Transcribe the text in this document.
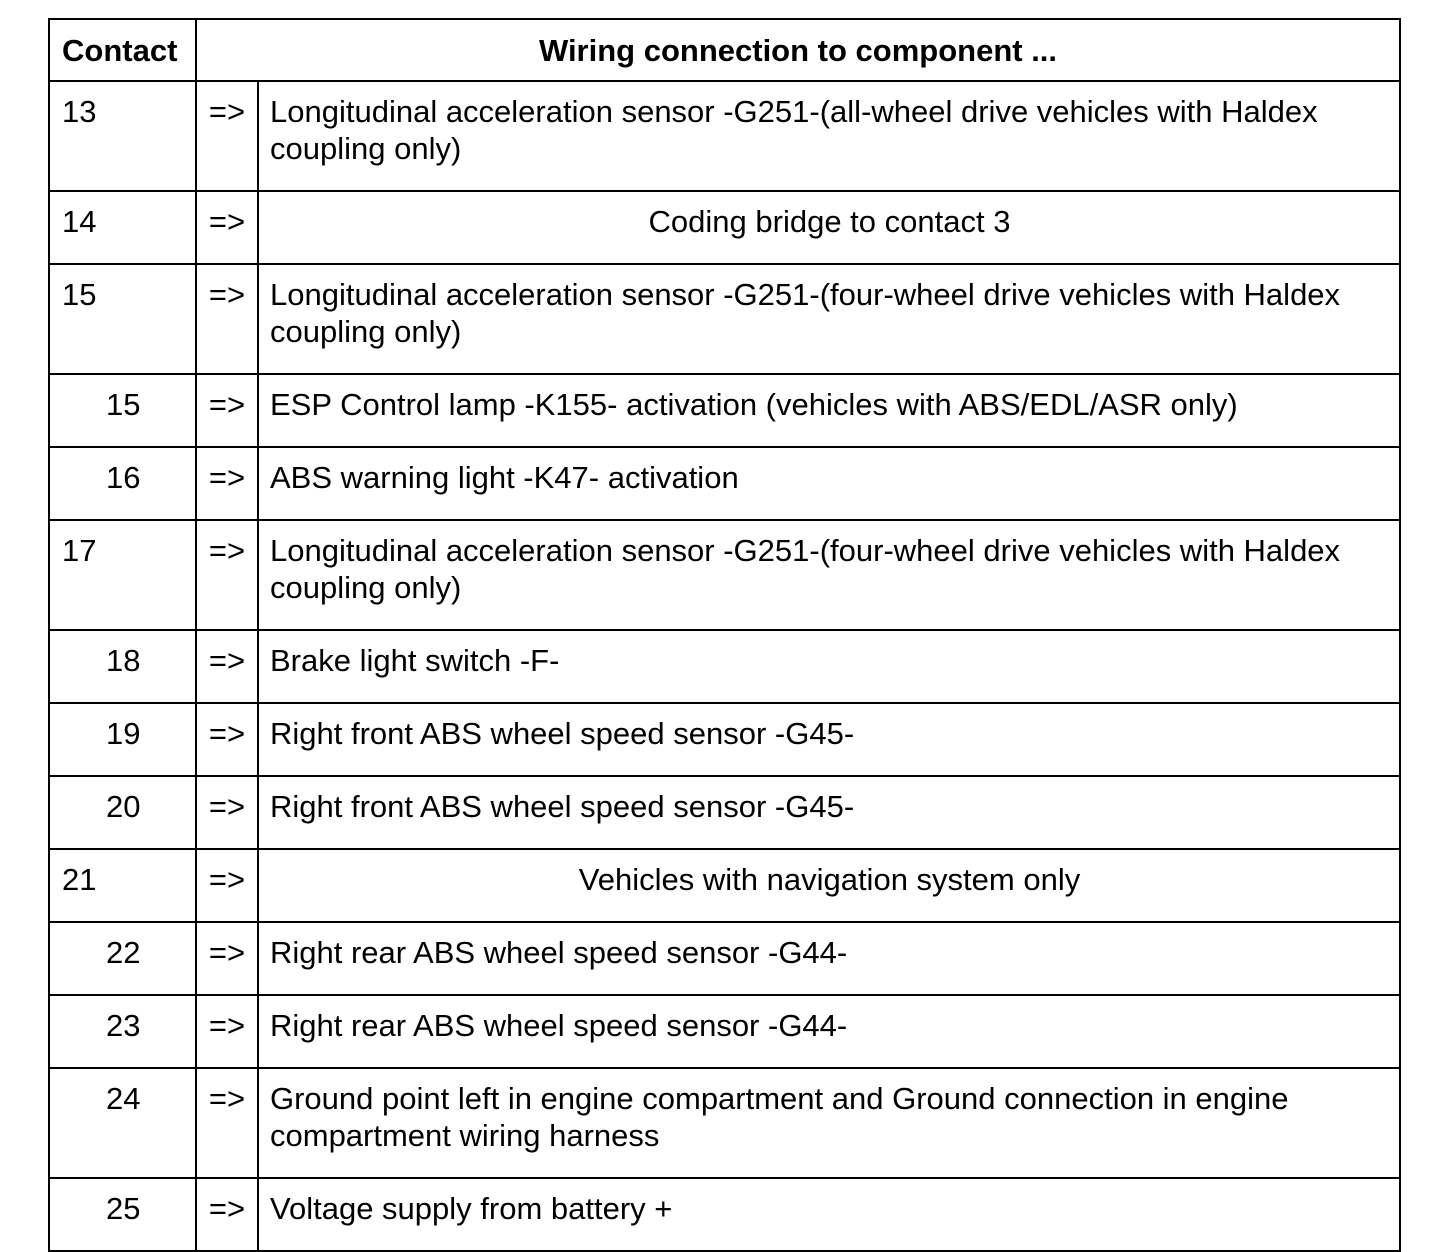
Contact	Wiring connection to component ...	
13	=>	Longitudinal acceleration sensor -G251-(all-wheel drive vehicles with Haldex coupling only)
14	=>	Coding bridge to contact 3
15	=>	Longitudinal acceleration sensor -G251-(four-wheel drive vehicles with Haldex coupling only)
15	=>	ESP Control lamp -K155- activation (vehicles with ABS/EDL/ASR only)
16	=>	ABS warning light -K47- activation
17	=>	Longitudinal acceleration sensor -G251-(four-wheel drive vehicles with Haldex coupling only)
18	=>	Brake light switch -F-
19	=>	Right front ABS wheel speed sensor -G45-
20	=>	Right front ABS wheel speed sensor -G45-
21	=>	Vehicles with navigation system only
22	=>	Right rear ABS wheel speed sensor -G44-
23	=>	Right rear ABS wheel speed sensor -G44-
24	=>	Ground point left in engine compartment and Ground connection in engine compartment wiring harness
25	=>	Voltage supply from battery +
